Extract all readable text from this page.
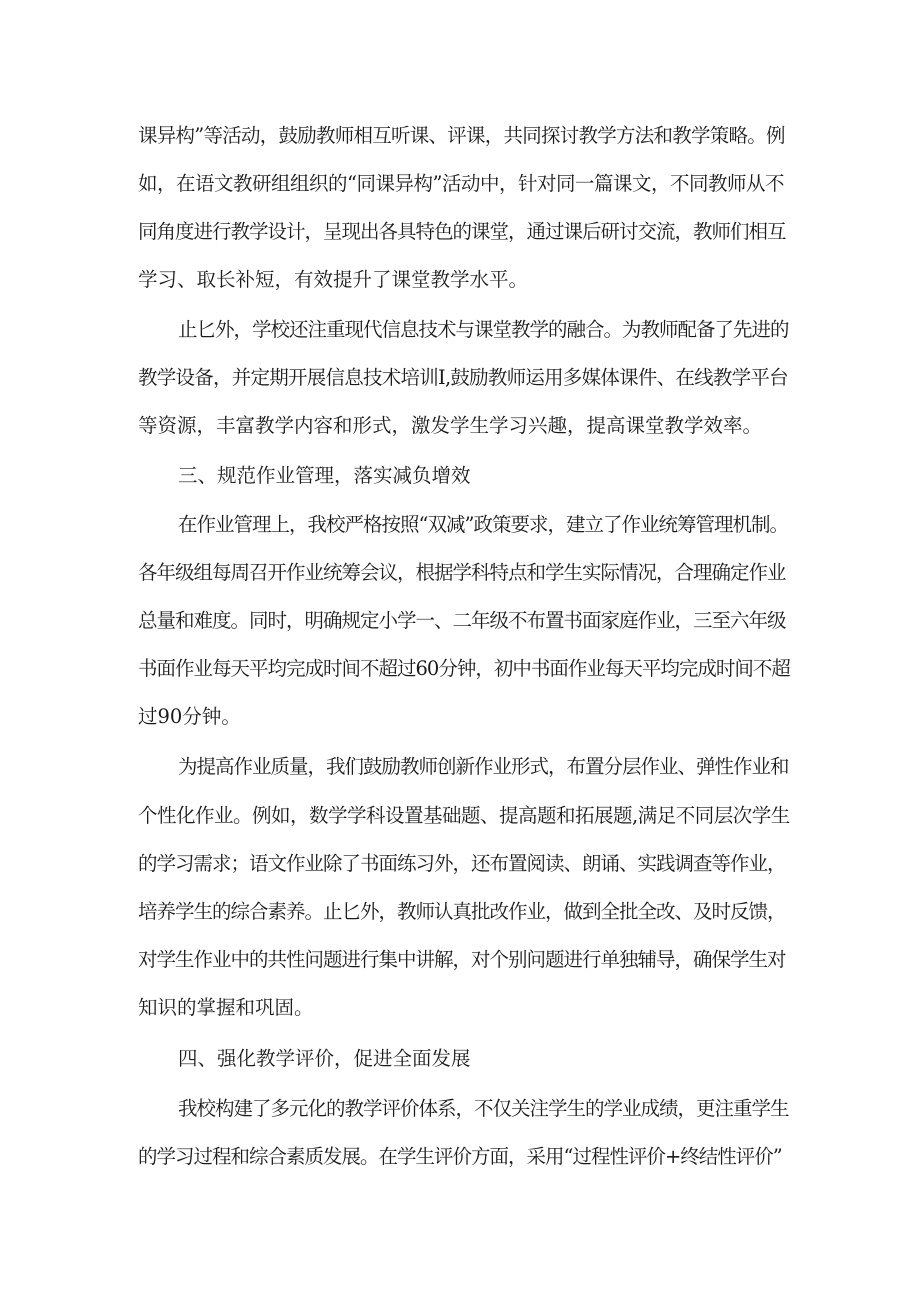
课异构”等活动，鼓励教师相互听课、评课，共同探讨教学方法和教学策略。例
如，在语文教研组组织的“同课异构”活动中，针对同一篇课文，不同教师从不
同角度进行教学设计，呈现出各具特色的课堂，通过课后研讨交流，教师们相互
学习、取长补短，有效提升了课堂教学水平。
止匕外，学校还注重现代信息技术与课堂教学的融合。为教师配备了先进的
教学设备，并定期开展信息技术培训I,鼓励教师运用多媒体课件、在线教学平台
等资源，丰富教学内容和形式，激发学生学习兴趣，提高课堂教学效率。
三、规范作业管理，落实减负增效
在作业管理上，我校严格按照“双减”政策要求，建立了作业统筹管理机制。
各年级组每周召开作业统筹会议，根据学科特点和学生实际情况，合理确定作业
总量和难度。同时，明确规定小学一、二年级不布置书面家庭作业，三至六年级
书面作业每天平均完成时间不超过60分钟，初中书面作业每天平均完成时间不超
过90分钟。
为提高作业质量，我们鼓励教师创新作业形式，布置分层作业、弹性作业和
个性化作业。例如，数学学科设置基础题、提高题和拓展题,满足不同层次学生
的学习需求；语文作业除了书面练习外，还布置阅读、朗诵、实践调查等作业，
培养学生的综合素养。止匕外，教师认真批改作业，做到全批全改、及时反馈，
对学生作业中的共性问题进行集中讲解，对个别问题进行单独辅导，确保学生对
知识的掌握和巩固。
四、强化教学评价，促进全面发展
我校构建了多元化的教学评价体系，不仅关注学生的学业成绩，更注重学生
的学习过程和综合素质发展。在学生评价方面，采用“过程性评价+终结性评价”
